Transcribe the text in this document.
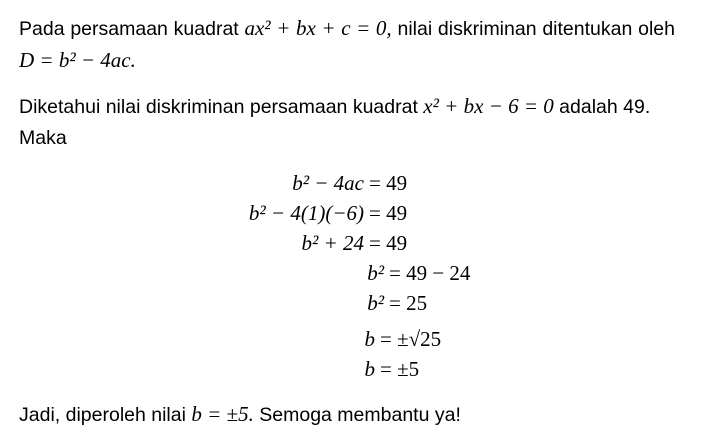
Pada persamaan kuadrat ax² + bx + c = 0, nilai diskriminan ditentukan oleh D = b² − 4ac.
Diketahui nilai diskriminan persamaan kuadrat x² + bx − 6 = 0 adalah 49. Maka
b² − 4ac = 49
b² − 4(1)(−6) = 49
b² + 24 = 49
b² = 49 − 24
b² = 25
b = ±√25
b = ±5
Jadi, diperoleh nilai b = ±5. Semoga membantu ya!
